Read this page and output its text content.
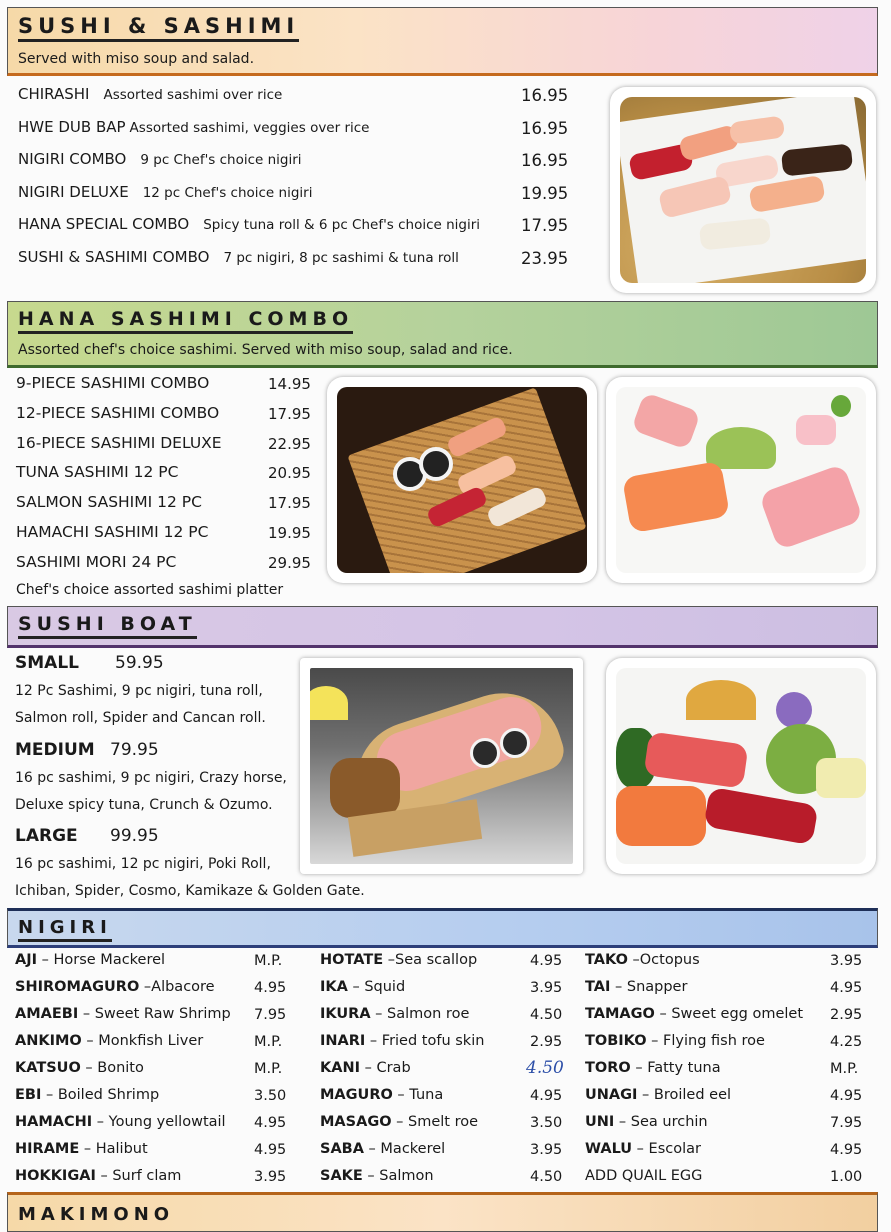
SUSHI & SASHIMI
Served with miso soup and salad.
CHIRASHI Assorted sashimi over rice	16.95
HWE DUB BAP Assorted sashimi, veggies over rice	16.95
NIGIRI COMBO 9 pc Chef's choice nigiri	16.95
NIGIRI DELUXE 12 pc Chef's choice nigiri	19.95
HANA SPECIAL COMBO Spicy tuna roll & 6 pc Chef's choice nigiri 17.95
SUSHI & SASHIMI COMBO 7 pc nigiri, 8 pc sashimi & tuna roll	23.95
HANA SASHIMI COMBO
Assorted chef's choice sashimi. Served with miso soup, salad and rice.
9-PIECE SASHIMI COMBO	14.95
12-PIECE SASHIMI COMBO	17.95
16-PIECE SASHIMI DELUXE	22.95
TUNA SASHIMI 12 PC	20.95
SALMON SASHIMI 12 PC	17.95
HAMACHI SASHIMI 12 PC	19.95
SASHIMI MORI 24 PC	29.95
Chef's choice assorted sashimi platter
SUSHI BOAT
SMALL 59.95
12 Pc Sashimi, 9 pc nigiri, tuna roll,
Salmon roll, Spider and Cancan roll.
MEDIUM 79.95
16 pc sashimi, 9 pc nigiri, Crazy horse,
Deluxe spicy tuna, Crunch & Ozumo.
LARGE 99.95
16 pc sashimi, 12 pc nigiri, Poki Roll,
Ichiban, Spider, Cosmo, Kamikaze & Golden Gate.
NIGIRI
AJI – Horse Mackerel	M.P.
SHIROMAGURO –Albacore	4.95
AMAEBI – Sweet Raw Shrimp 7.95
ANKIMO – Monkfish Liver	M.P.
KATSUO – Bonito	M.P.
EBI – Boiled Shrimp	3.50
HAMACHI – Young yellowtail 4.95
HIRAME – Halibut	4.95
HOKKIGAI – Surf clam	3.95
HOTATE –Sea scallop	4.95
IKA – Squid	3.95
IKURA – Salmon roe	4.50
INARI – Fried tofu skin	2.95
KANI – Crab	4.50
MAGURO – Tuna	4.95
MASAGO – Smelt roe	3.50
SABA – Mackerel	3.95
SAKE – Salmon	4.50
TAKO –Octopus	3.95
TAI – Snapper	4.95
TAMAGO – Sweet egg omelet 2.95
TOBIKO – Flying fish roe	4.25
TORO – Fatty tuna	M.P.
UNAGI – Broiled eel	4.95
UNI – Sea urchin	7.95
WALU – Escolar	4.95
ADD QUAIL EGG	1.00
MAKIMONO
